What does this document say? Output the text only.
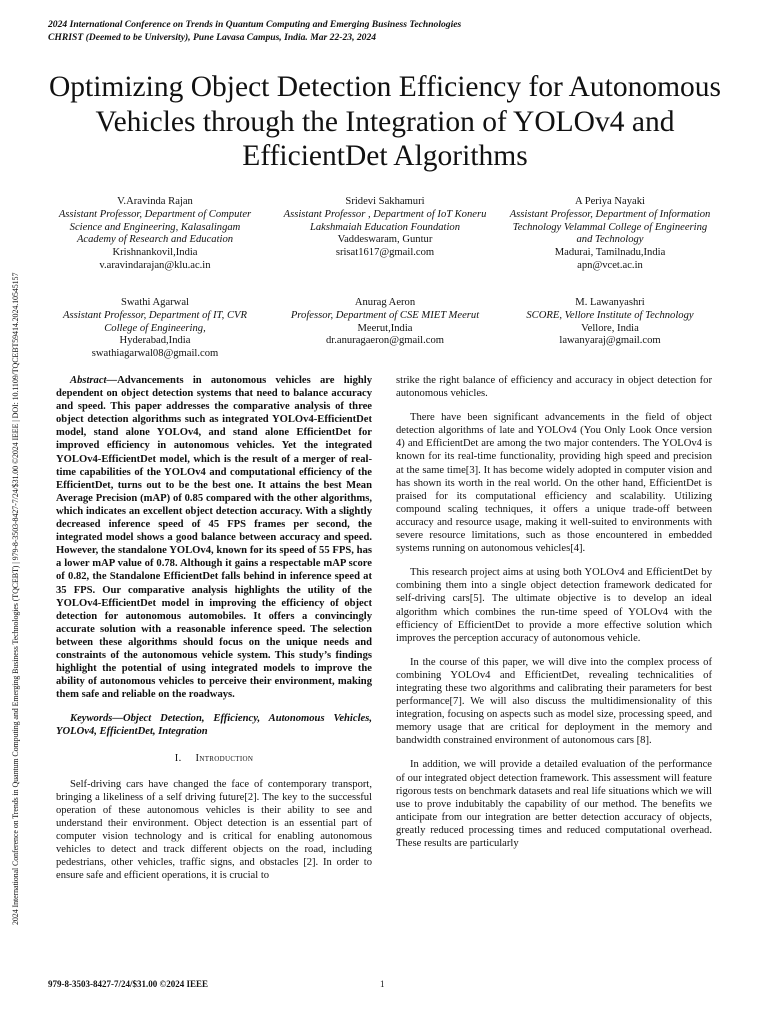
2024 International Conference on Trends in Quantum Computing and Emerging Business Technologies
CHRIST (Deemed to be University), Pune Lavasa Campus, India. Mar 22-23, 2024
2024 International Conference on Trends in Quantum Computing and Emerging Business Technologies (TQCEBT) | 979-8-3503-8427-7/24/$31.00 ©2024 IEEE | DOI: 10.1109/TQCEBT59414.2024.10545157
Optimizing Object Detection Efficiency for Autonomous Vehicles through the Integration of YOLOv4 and EfficientDet Algorithms
V.Aravinda Rajan
Assistant Professor, Department of Computer Science and Engineering, Kalasalingam Academy of Research and Education
Krishnankovil,India
v.aravindarajan@klu.ac.in
Sridevi Sakhamuri
Assistant Professor , Department of IoT Koneru Lakshmaiah Education Foundation
Vaddeswaram, Guntur
srisat1617@gmail.com
A Periya Nayaki
Assistant Professor, Department of Information Technology Velammal College of Engineering and Technology
Madurai, Tamilnadu,India
apn@vcet.ac.in
Swathi Agarwal
Assistant Professor, Department of IT, CVR College of Engineering,
Hyderabad,India
swathiagarwal08@gmail.com
Anurag Aeron
Professor, Department of CSE MIET Meerut
Meerut,India
dr.anuragaeron@gmail.com
M. Lawanyashri
SCORE, Vellore Institute of Technology
Vellore, India
lawanyaraj@gmail.com

Abstract—Advancements in autonomous vehicles are highly dependent on object detection systems that need to balance accuracy and speed. This paper addresses the comparative analysis of three object detection algorithms such as integrated YOLOv4-EfficientDet model, stand alone YOLOv4, and stand alone EfficientDet for improved efficiency in autonomous vehicles. Yet the integrated YOLOv4-EfficientDet model, which is the result of a merger of real-time capabilities of the YOLOv4 and computational efficiency of the EfficientDet, turns out to be the best one. It attains the best Mean Average Precision (mAP) of 0.85 compared with the other algorithms, which indicates an excellent object detection accuracy. With a slightly decreased inference speed of 45 FPS frames per second, the integrated model shows a good balance between accuracy and speed. However, the standalone YOLOv4, known for its speed of 55 FPS, has a lower mAP value of 0.78. Although it gains a respectable mAP score of 0.82, the Standalone EfficientDet falls behind in inference speed at 35 FPS. Our comparative analysis highlights the utility of the YOLOv4-EfficientDet model in improving the efficiency of object detection for autonomous automobiles. It offers a convincingly accurate solution with a reasonable inference speed. The selection between these algorithms should focus on the unique needs and constraints of the autonomous vehicle system. This study’s findings highlight the potential of using integrated models to improve the ability of autonomous vehicles to perceive their environment, making them safe and reliable on the roadways.

Keywords—Object Detection, Efficiency, Autonomous Vehicles, YOLOv4, EfficientDet, Integration

I. Introduction

Self-driving cars have changed the face of contemporary transport, bringing a likeliness of a self driving future[2]. The key to the successful operation of these autonomous vehicles is their ability to see and understand their environment. Object detection is an essential part of computer vision technology and is critical for enabling autonomous vehicles to detect and track different objects on the road, including pedestrians, other vehicles, traffic signs, and obstacles [2]. In order to ensure safe and efficient operations, it is crucial to

strike the right balance of efficiency and accuracy in object detection for autonomous vehicles.

There have been significant advancements in the field of object detection algorithms of late and YOLOv4 (You Only Look Once version 4) and EfficientDet are among the two major contenders. The YOLOv4 is known for its real-time functionality, providing high speed and precision at the same time[3]. It has become widely adopted in computer vision and has shown its worth in the real world. On the other hand, EfficientDet is praised for its computational efficiency and scalability. Utilizing compound scaling techniques, it offers a unique trade-off between accuracy and resource usage, making it well-suited to environments with severe resource limitations, such as those encountered in embedded systems running on autonomous vehicles[4].

This research project aims at using both YOLOv4 and EfficientDet by combining them into a single object detection framework dedicated for self-driving cars[5]. The ultimate objective is to develop an ideal algorithm which combines the run-time speed of YOLOv4 with the efficiency of EfficientDet to provide a more effective solution which improves the perception accuracy of autonomous vehicle.

In the course of this paper, we will dive into the complex process of combining YOLOv4 and EfficientDet, revealing technicalities of integrating these two algorithms and calibrating their parameters for best performance[7]. We will also discuss the multidimensionality of this integration, focusing on aspects such as model size, processing speed, and memory usage that are critical for deployment in the memory and bandwidth constrained environment of autonomous cars [8].

In addition, we will provide a detailed evaluation of the performance of our integrated object detection framework. This assessment will feature rigorous tests on benchmark datasets and real life situations which we will use to prove indubitably the capability of our method. The benefits we anticipate from our integration are better detection accuracy of objects, greatly reduced processing times and reduced computational overhead. These results are particularly

979-8-3503-8427-7/24/$31.00 ©2024 IEEE	1
